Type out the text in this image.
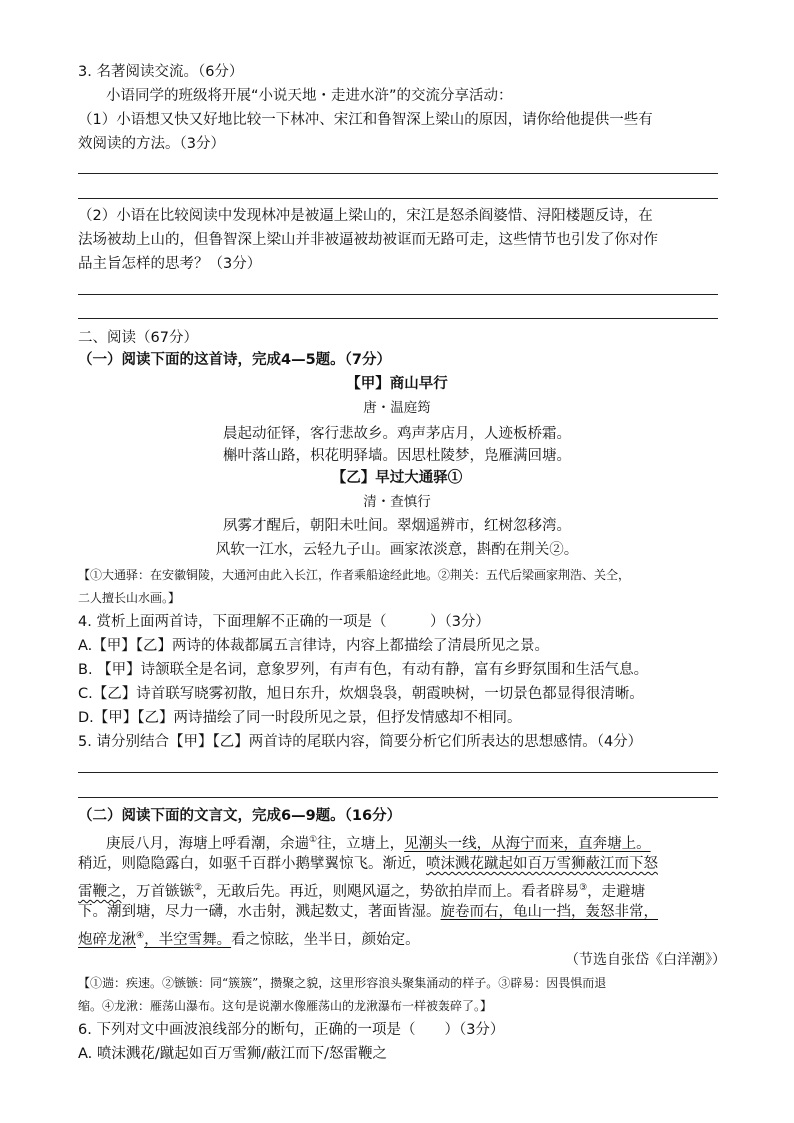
3. 名著阅读交流。（6分）
小语同学的班级将开展“小说天地・走进水浒”的交流分享活动：
（1）小语想又快又好地比较一下林冲、宋江和鲁智深上梁山的原因，请你给他提供一些有
效阅读的方法。（3分）
（2）小语在比较阅读中发现林冲是被逼上梁山的，宋江是怒杀阎婆惜、浔阳楼题反诗，在
法场被劫上山的，但鲁智深上梁山并非被逼被劫被诓而无路可走，这些情节也引发了你对作
品主旨怎样的思考？（3分）
二、阅读（67分）
（一）阅读下面的这首诗，完成4—5题。（7分）
【甲】商山早行
唐・温庭筠
晨起动征铎，客行悲故乡。鸡声茅店月，人迹板桥霜。
槲叶落山路，枳花明驿墙。因思杜陵梦，凫雁满回塘。
【乙】早过大通驿①
清・查慎行
夙雾才醒后，朝阳未吐间。翠烟遥辨市，红树忽移湾。
风软一江水，云轻九子山。画家浓淡意，斟酌在荆关②。
【①大通驿：在安徽铜陵，大通河由此入长江，作者乘船途经此地。②荆关：五代后梁画家荆浩、关仝，
二人擅长山水画。】
4. 赏析上面两首诗，下面理解不正确的一项是（　　　）（3分）
A.【甲】【乙】两诗的体裁都属五言律诗，内容上都描绘了清晨所见之景。
B. 【甲】诗颔联全是名词，意象罗列，有声有色，有动有静，富有乡野氛围和生活气息。
C.【乙】诗首联写晓雾初散，旭日东升，炊烟袅袅，朝霞映树，一切景色都显得很清晰。
D.【甲】【乙】两诗描绘了同一时段所见之景，但抒发情感却不相同。
5. 请分别结合【甲】【乙】两首诗的尾联内容，简要分析它们所表达的思想感情。（4分）
（二）阅读下面的文言文，完成6—9题。（16分）
庚辰八月，海塘上呼看潮，余遄①往，立塘上，见潮头一线，从海宁而来，直奔塘上。
稍近，则隐隐露白，如驱千百群小鹅擘翼惊飞。渐近，喷沫溅花蹴起如百万雪狮蔽江而下怒
雷鞭之，万首镞镞②，无敢后先。再近，则飓风逼之，势欲拍岸而上。看者辟易③，走避塘
下。潮到塘，尽力一礴，水击射，溅起数丈，著面皆湿。旋卷而右，龟山一挡，轰怒非常，
炮碎龙湫④，半空雪舞。看之惊眩，坐半日，颜始定。
（节选自张岱《白洋潮》）
【①遄：疾速。②镞镞：同“簇簇”，攒聚之貌，这里形容浪头聚集涌动的样子。③辟易：因畏惧而退
缩。④龙湫：雁荡山瀑布。这句是说潮水像雁荡山的龙湫瀑布一样被轰碎了。】
6. 下列对文中画波浪线部分的断句，正确的一项是（　　）（3分）
A. 喷沫溅花/蹴起如百万雪狮/蔽江而下/怒雷鞭之
